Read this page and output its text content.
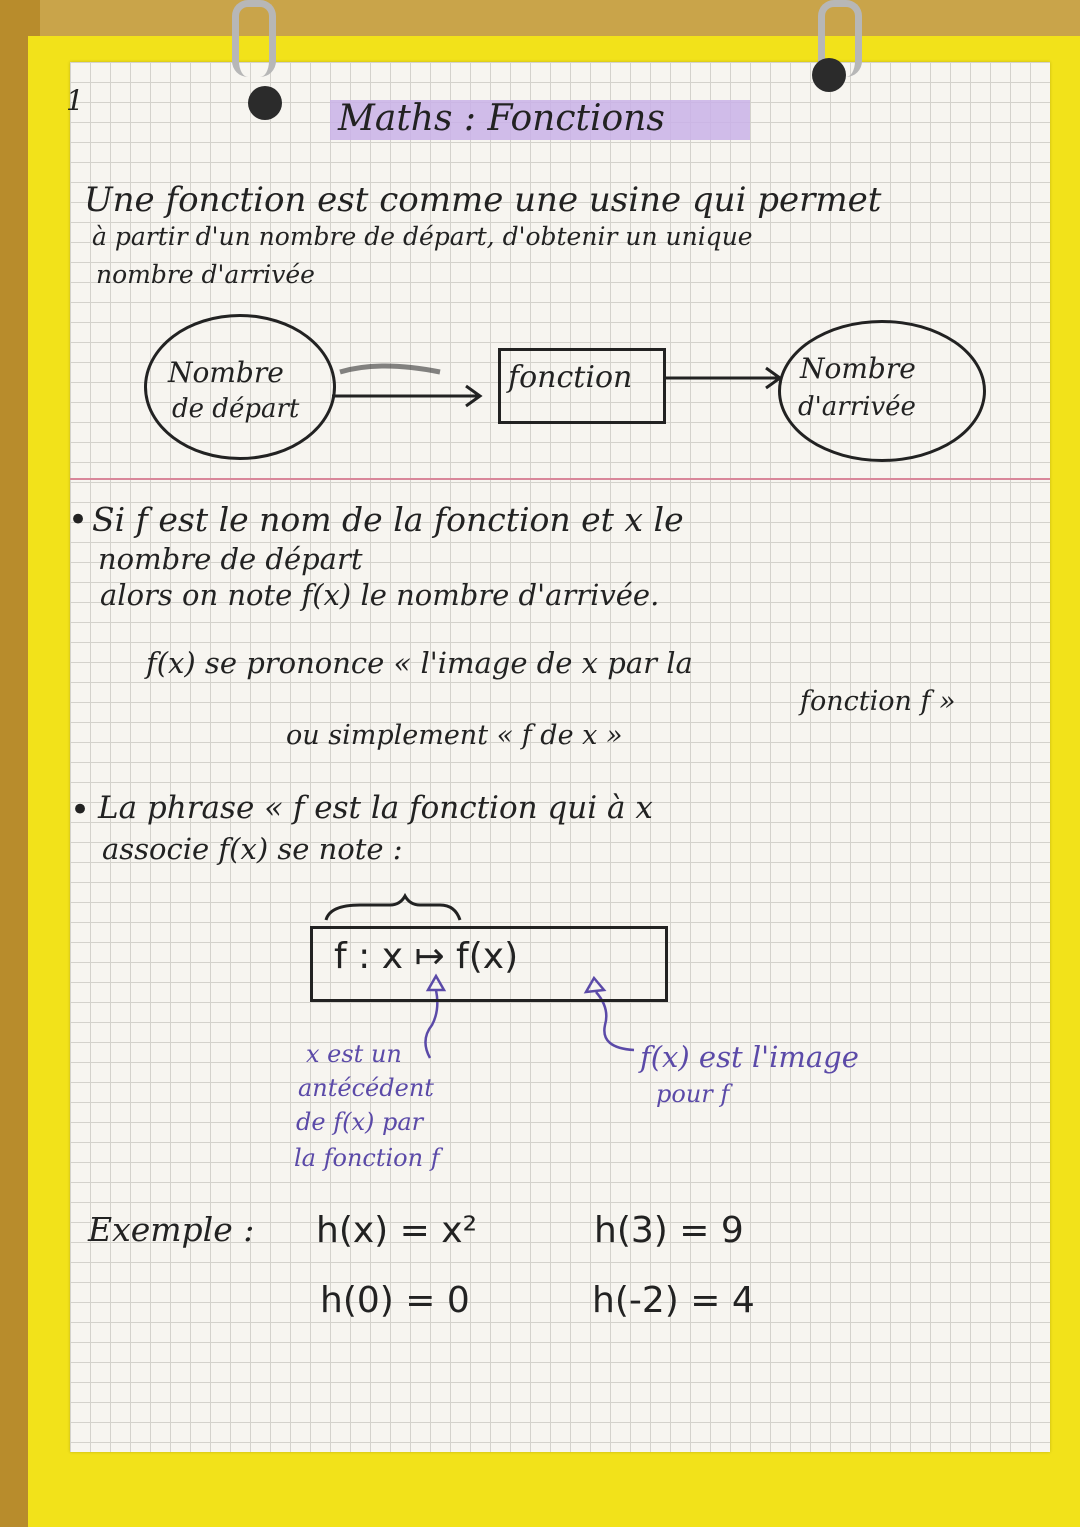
1	Maths : Fonctions
Une fonction est comme une usine qui permet
à partir d'un nombre de départ, d'obtenir un unique
nombre d'arrivée
Nombre
de départ
fonction	Nombre
d'arrivée
• Si f est le nom de la fonction et x le
nombre de départ
alors on note f(x) le nombre d'arrivée.
f(x) se prononce « l'image de x par la
fonction f »
ou simplement « f de x »
• La phrase « f est la fonction qui à x
associe f(x) se note :
f : x ↦ f(x)
x est un
antécédent
de f(x) par
la fonction f
f(x) est l'image
pour f
Exemple : h(x) = x²	h(3) = 9
h(0) = 0	h(-2) = 4
